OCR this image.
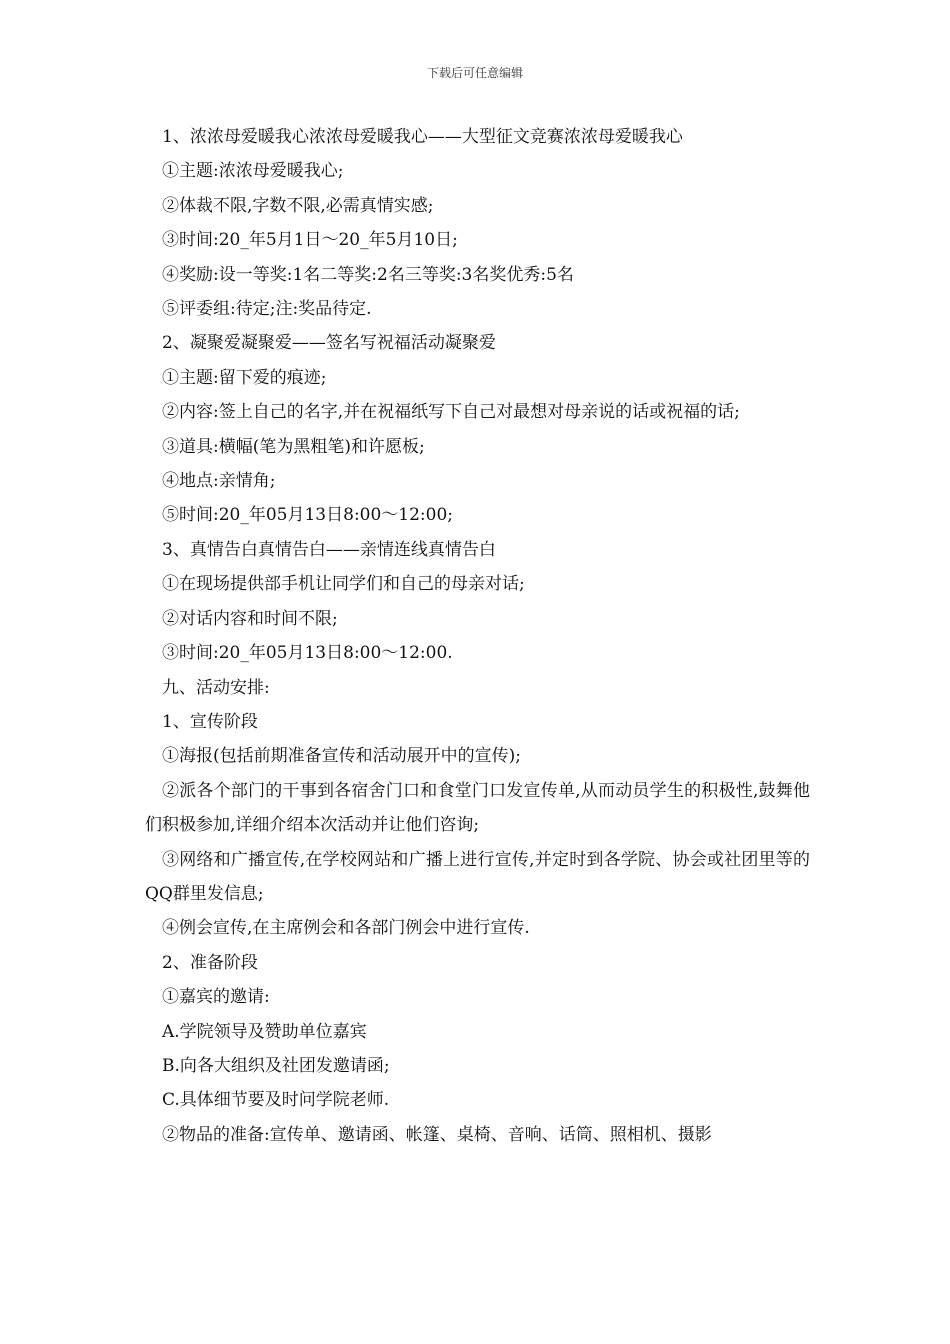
下载后可任意编辑
1、浓浓母爱暖我心浓浓母爱暖我心——大型征文竞赛浓浓母爱暖我心
①主题:浓浓母爱暖我心;
②体裁不限,字数不限,必需真情实感;
③时间:20_年5月1日～20_年5月10日;
④奖励:设一等奖:1名二等奖:2名三等奖:3名奖优秀:5名
⑤评委组:待定;注:奖品待定.
2、凝聚爱凝聚爱——签名写祝福活动凝聚爱
①主题:留下爱的痕迹;
②内容:签上自己的名字,并在祝福纸写下自己对最想对母亲说的话或祝福的话;
③道具:横幅(笔为黑粗笔)和许愿板;
④地点:亲情角;
⑤时间:20_年05月13日8:00～12:00;
3、真情告白真情告白——亲情连线真情告白
①在现场提供部手机让同学们和自己的母亲对话;
②对话内容和时间不限;
③时间:20_年05月13日8:00～12:00.
九、活动安排:
1、宣传阶段
①海报(包括前期准备宣传和活动展开中的宣传);
②派各个部门的干事到各宿舍门口和食堂门口发宣传单,从而动员学生的积极性,鼓舞他们积极参加,详细介绍本次活动并让他们咨询;
③网络和广播宣传,在学校网站和广播上进行宣传,并定时到各学院、协会或社团里等的QQ群里发信息;
④例会宣传,在主席例会和各部门例会中进行宣传.
2、准备阶段
①嘉宾的邀请:
A.学院领导及赞助单位嘉宾
B.向各大组织及社团发邀请函;
C.具体细节要及时问学院老师.
②物品的准备:宣传单、邀请函、帐篷、桌椅、音响、话筒、照相机、摄影
